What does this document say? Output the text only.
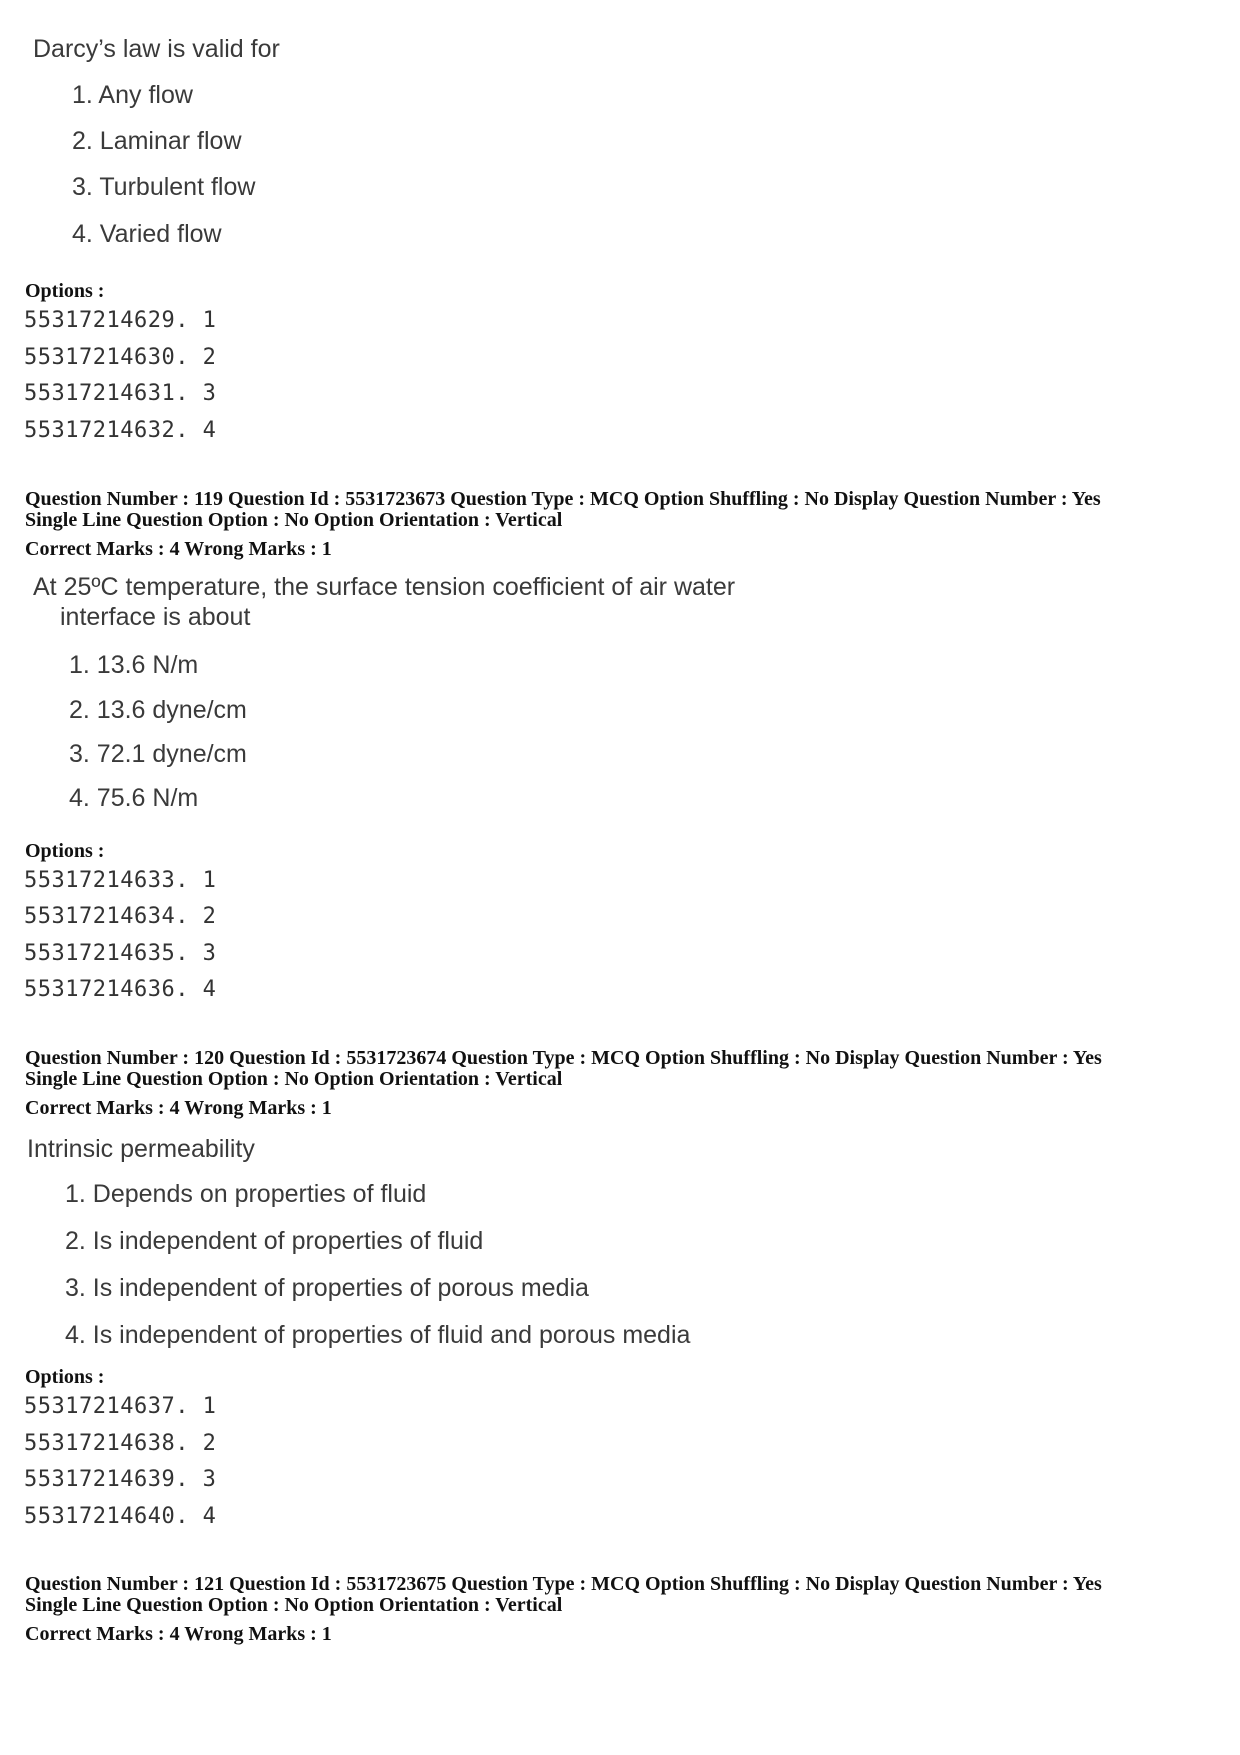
Darcy’s law is valid for
1. Any flow
2. Laminar flow
3. Turbulent flow
4. Varied flow
Options :
55317214629. 1
55317214630. 2
55317214631. 3
55317214632. 4
Question Number : 119 Question Id : 5531723673 Question Type : MCQ Option Shuffling : No Display Question Number : Yes
Single Line Question Option : No Option Orientation : Vertical
Correct Marks : 4 Wrong Marks : 1
At 25ºC temperature, the surface tension coefficient of air water
interface is about
1. 13.6 N/m
2. 13.6 dyne/cm
3. 72.1 dyne/cm
4. 75.6 N/m
Options :
55317214633. 1
55317214634. 2
55317214635. 3
55317214636. 4
Question Number : 120 Question Id : 5531723674 Question Type : MCQ Option Shuffling : No Display Question Number : Yes
Single Line Question Option : No Option Orientation : Vertical
Correct Marks : 4 Wrong Marks : 1
Intrinsic permeability
1. Depends on properties of fluid
2. Is independent of properties of fluid
3. Is independent of properties of porous media
4. Is independent of properties of fluid and porous media
Options :
55317214637. 1
55317214638. 2
55317214639. 3
55317214640. 4
Question Number : 121 Question Id : 5531723675 Question Type : MCQ Option Shuffling : No Display Question Number : Yes
Single Line Question Option : No Option Orientation : Vertical
Correct Marks : 4 Wrong Marks : 1
